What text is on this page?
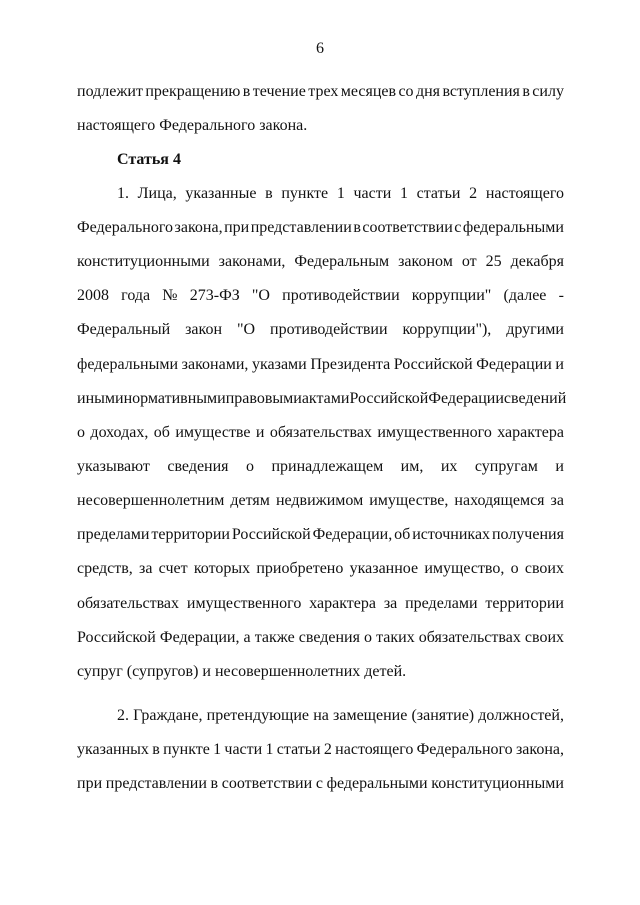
6
подлежит прекращению в течение трех месяцев со дня вступления в силу
настоящего Федерального закона.
Статья 4
1. Лица, указанные в пункте 1 части 1 статьи 2 настоящего
Федерального закона, при представлении в соответствии с федеральными
конституционными законами, Федеральным законом от 25 декабря
2008 года № 273-ФЗ "О противодействии коррупции" (далее -
Федеральный закон "О противодействии коррупции"), другими
федеральными законами, указами Президента Российской Федерации и
иными нормативными правовыми актами Российской Федерации сведений
о доходах, об имуществе и обязательствах имущественного характера
указывают сведения о принадлежащем им, их супругам и
несовершеннолетним детям недвижимом имуществе, находящемся за
пределами территории Российской Федерации, об источниках получения
средств, за счет которых приобретено указанное имущество, о своих
обязательствах имущественного характера за пределами территории
Российской Федерации, а также сведения о таких обязательствах своих
супруг (супругов) и несовершеннолетних детей.
2. Граждане, претендующие на замещение (занятие) должностей,
указанных в пункте 1 части 1 статьи 2 настоящего Федерального закона,
при представлении в соответствии с федеральными конституционными
